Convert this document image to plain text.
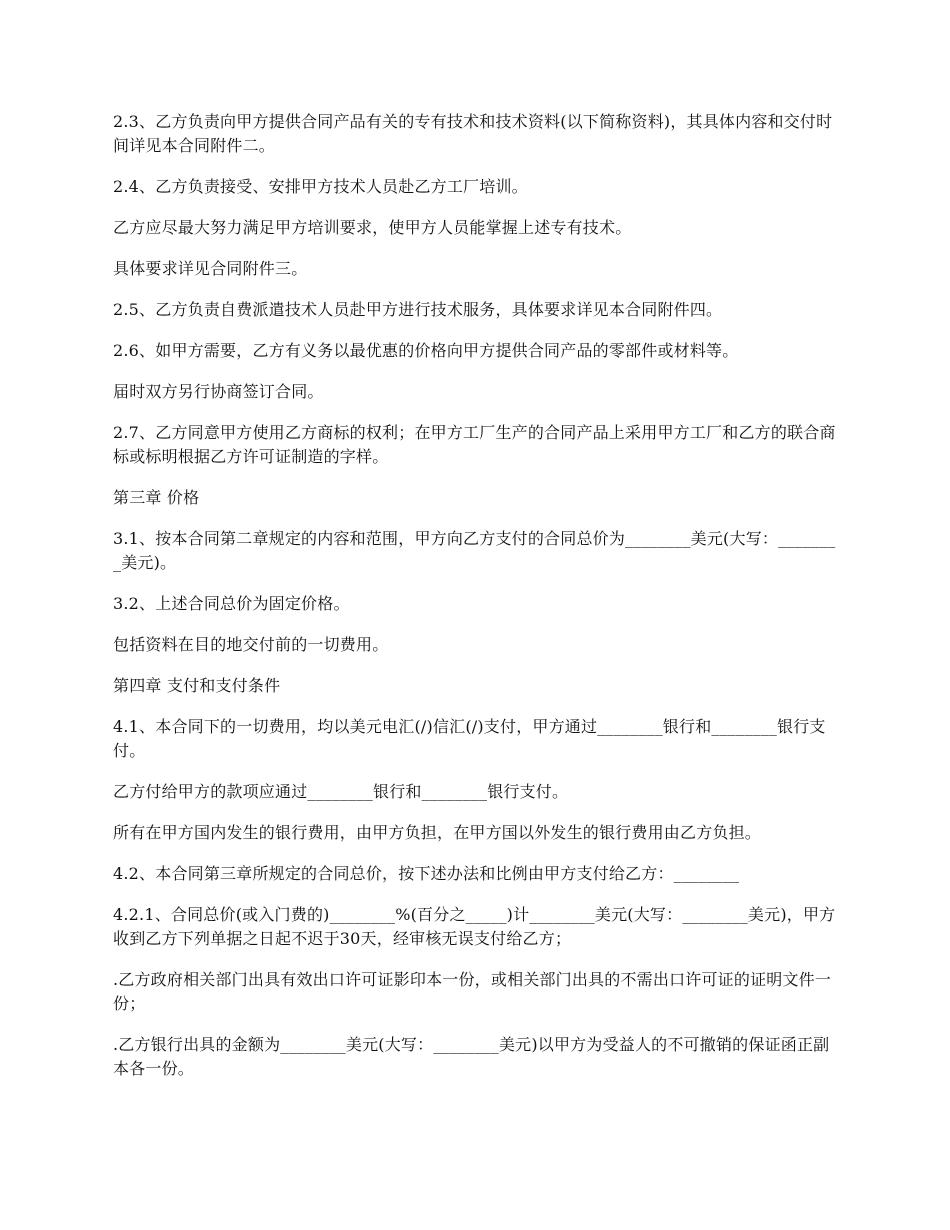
2.3、乙方负责向甲方提供合同产品有关的专有技术和技术资料(以下简称资料)，其具体内容和交付时间详见本合同附件二。

2.4、乙方负责接受、安排甲方技术人员赴乙方工厂培训。

乙方应尽最大努力满足甲方培训要求，使甲方人员能掌握上述专有技术。

具体要求详见合同附件三。

2.5、乙方负责自费派遣技术人员赴甲方进行技术服务，具体要求详见本合同附件四。

2.6、如甲方需要，乙方有义务以最优惠的价格向甲方提供合同产品的零部件或材料等。

届时双方另行协商签订合同。

2.7、乙方同意甲方使用乙方商标的权利；在甲方工厂生产的合同产品上采用甲方工厂和乙方的联合商标或标明根据乙方许可证制造的字样。

第三章 价格

3.1、按本合同第二章规定的内容和范围，甲方向乙方支付的合同总价为________美元(大写：________美元)。

3.2、上述合同总价为固定价格。

包括资料在目的地交付前的一切费用。

第四章 支付和支付条件

4.1、本合同下的一切费用，均以美元电汇(/)信汇(/)支付，甲方通过________银行和________银行支付。

乙方付给甲方的款项应通过________银行和________银行支付。

所有在甲方国内发生的银行费用，由甲方负担，在甲方国以外发生的银行费用由乙方负担。

4.2、本合同第三章所规定的合同总价，按下述办法和比例由甲方支付给乙方：________

4.2.1、合同总价(或入门费的)________%(百分之_____)计________美元(大写：________美元)，甲方收到乙方下列单据之日起不迟于30天，经审核无误支付给乙方；

.乙方政府相关部门出具有效出口许可证影印本一份，或相关部门出具的不需出口许可证的证明文件一份；

.乙方银行出具的金额为________美元(大写：________美元)以甲方为受益人的不可撤销的保证函正副本各一份。
